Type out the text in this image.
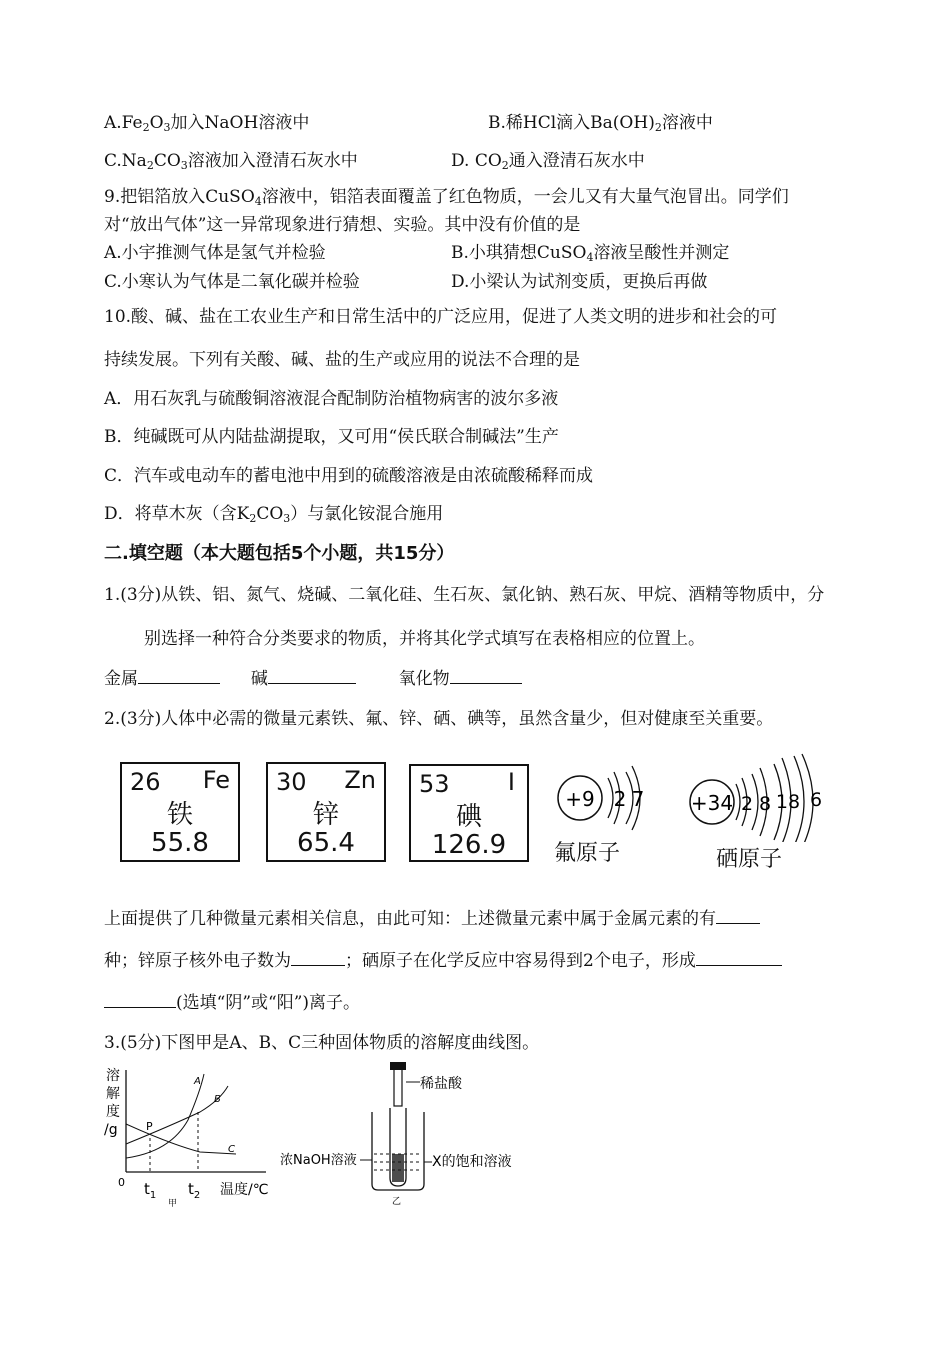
$A.Fe_2O_3$加入NaOH溶液中	B.稀HCl滴入$Ba(OH)_2$溶液中
$C.Na_2CO_3$溶液加入澄清石灰水中	D. $CO_2$通入澄清石灰水中
9.把铝箔放入CuSO$_4$溶液中，铝箔表面覆盖了红色物质，一会儿又有大量气泡冒出。同学们
对“放出气体”这一异常现象进行猜想、实验。其中没有价值的是
A.小宇推测气体是氢气并检验	B.小琪猜想CuSO$_4$溶液呈酸性并测定
C.小寒认为气体是二氧化碳并检验	D.小梁认为试剂变质，更换后再做
10.酸、碱、盐在工农业生产和日常生活中的广泛应用，促进了人类文明的进步和社会的可
持续发展。下列有关酸、碱、盐的生产或应用的说法不合理的是
A．用石灰乳与硫酸铜溶液混合配制防治植物病害的波尔多液
B．纯碱既可从内陆盐湖提取，又可用“侯氏联合制碱法”生产
C．汽车或电动车的蓄电池中用到的硫酸溶液是由浓硫酸稀释而成
D．将草木灰（含$K_2CO_3$）与氯化铵混合施用
二.填空题（本大题包括5个小题，共15分）
1.(3分)从铁、铝、氮气、烧碱、二氧化硅、生石灰、氯化钠、熟石灰、甲烷、酒精等物质中，分
别选择一种符合分类要求的物质，并将其化学式填写在表格相应的位置上。
金属	碱	氧化物
2.(3分)人体中必需的微量元素铁、氟、锌、硒、碘等，虽然含量少，但对健康至关重要。
26 Fe
铁
55.8
30 Zn
锌
65.4
53 I
碘
126.9
+9 2 7
氟原子
+34 2 8 18 6
硒原子
上面提供了几种微量元素相关信息，由此可知：上述微量元素中属于金属元素的有
种；锌原子核外电子数为	；硒原子在化学反应中容易得到2个电子，形成
(选填“阴”或“阳”)离子。
3.(5分)下图甲是A、B、C三种固体物质的溶解度曲线图。
溶
解
度
/g
0
P
A
B
C
$t_1$ $t_2$
甲
温度/℃
稀盐酸
浓NaOH溶液	X的饱和溶液
乙
